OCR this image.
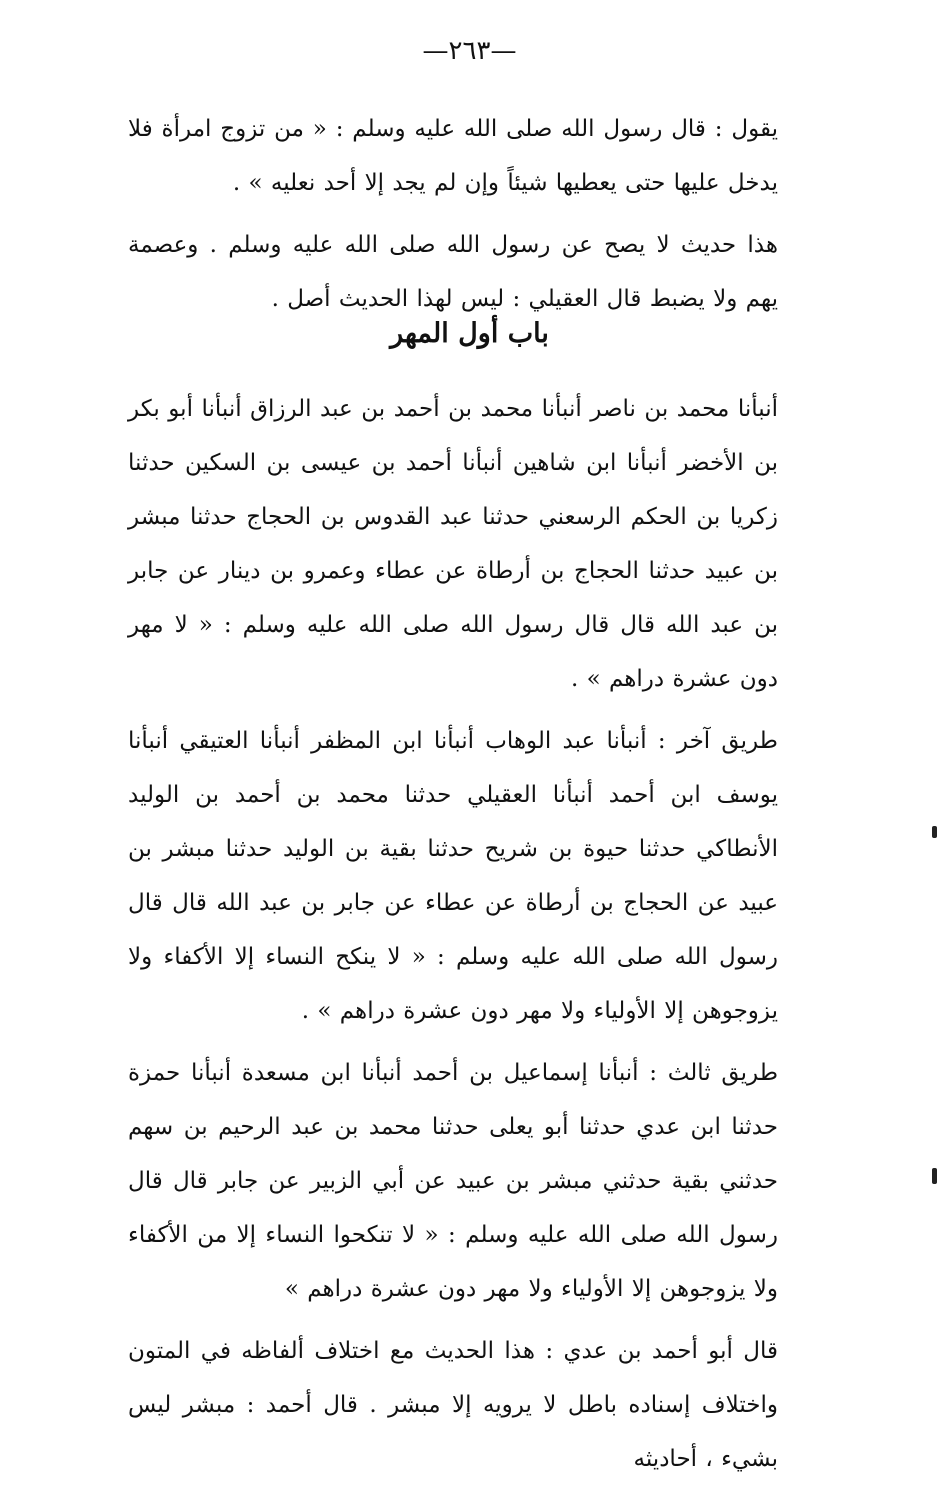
—٢٦٣—

يقول : قال رسول الله صلى الله عليه وسلم : « من تزوج امرأة فلا يدخل عليها حتى يعطيها شيئاً وإن لم يجد إلا أحد نعليه » .

هذا حديث لا يصح عن رسول الله صلى الله عليه وسلم . وعصمة يهم ولا يضبط قال العقيلي : ليس لهذا الحديث أصل .

باب أول المهر

أنبأنا محمد بن ناصر أنبأنا محمد بن أحمد بن عبد الرزاق أنبأنا أبو بكر بن الأخضر أنبأنا ابن شاهين أنبأنا أحمد بن عيسى بن السكين حدثنا زكريا بن الحكم الرسعني حدثنا عبد القدوس بن الحجاج حدثنا مبشر بن عبيد حدثنا الحجاج بن أرطاة عن عطاء وعمرو بن دينار عن جابر بن عبد الله قال قال رسول الله صلى الله عليه وسلم : « لا مهر دون عشرة دراهم » .

طريق آخر : أنبأنا عبد الوهاب أنبأنا ابن المظفر أنبأنا العتيقي أنبأنا يوسف ابن أحمد أنبأنا العقيلي حدثنا محمد بن أحمد بن الوليد الأنطاكي حدثنا حيوة بن شريح حدثنا بقية بن الوليد حدثنا مبشر بن عبيد عن الحجاج بن أرطاة عن عطاء عن جابر بن عبد الله قال قال رسول الله صلى الله عليه وسلم : « لا ينكح النساء إلا الأكفاء ولا يزوجوهن إلا الأولياء ولا مهر دون عشرة دراهم » .

طريق ثالث : أنبأنا إسماعيل بن أحمد أنبأنا ابن مسعدة أنبأنا حمزة حدثنا ابن عدي حدثنا أبو يعلى حدثنا محمد بن عبد الرحيم بن سهم حدثني بقية حدثني مبشر بن عبيد عن أبي الزبير عن جابر قال قال رسول الله صلى الله عليه وسلم : « لا تنكحوا النساء إلا من الأكفاء ولا يزوجوهن إلا الأولياء ولا مهر دون عشرة دراهم »

قال أبو أحمد بن عدي : هذا الحديث مع اختلاف ألفاظه في المتون واختلاف إسناده باطل لا يرويه إلا مبشر . قال أحمد : مبشر ليس بشيء ، أحاديثه
